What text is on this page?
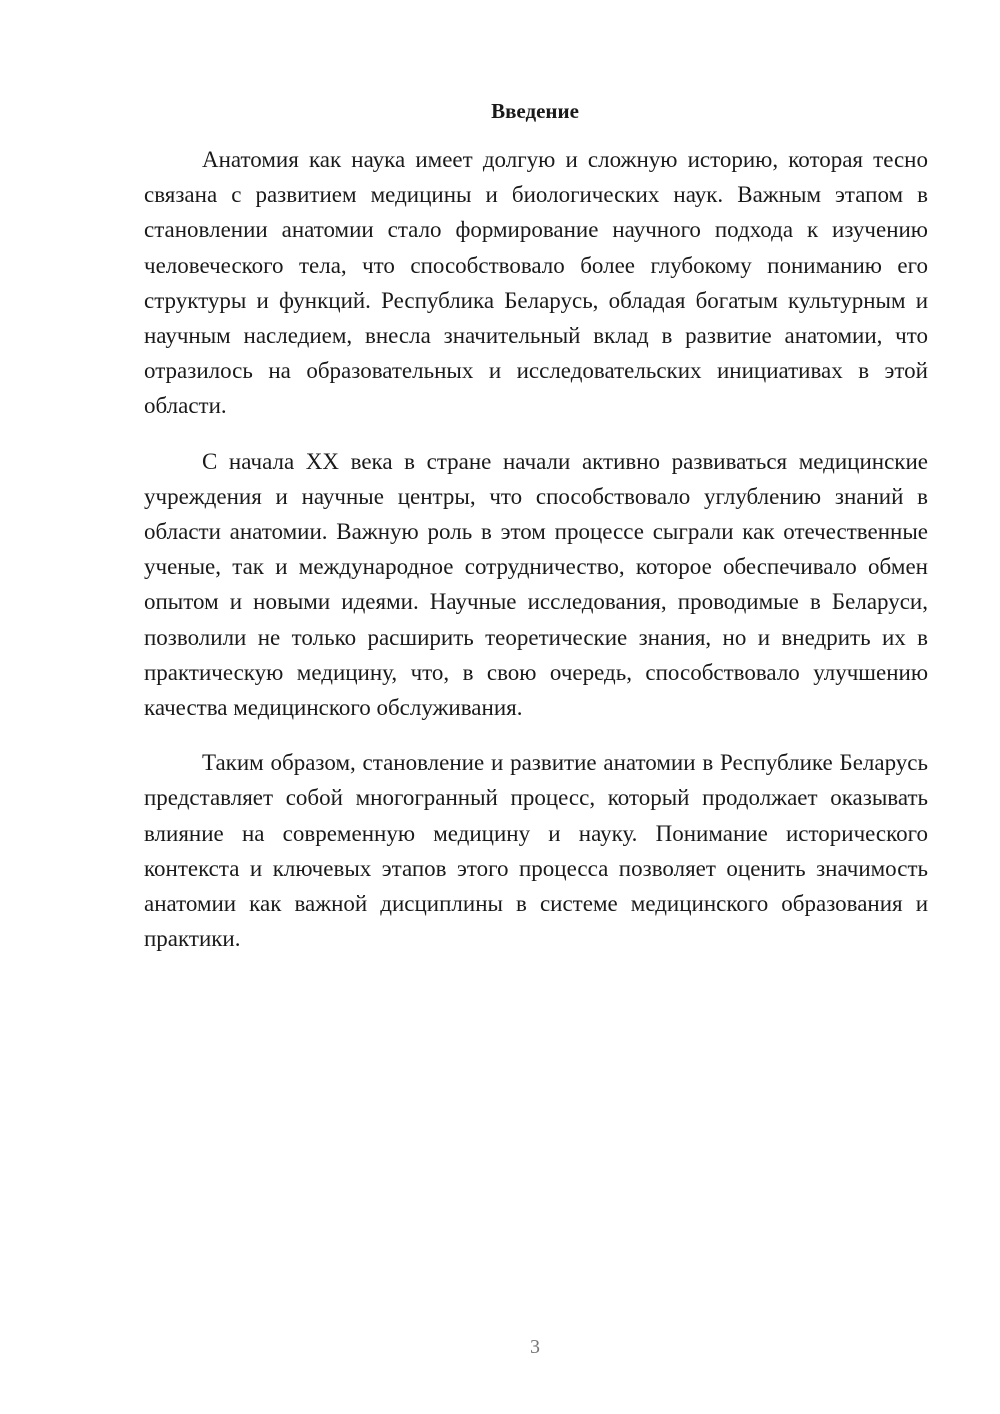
Введение

Анатомия как наука имеет долгую и сложную историю, которая тесно связана с развитием медицины и биологических наук. Важным этапом в становлении анатомии стало формирование научного подхода к изучению человеческого тела, что способствовало более глубокому пониманию его структуры и функций. Республика Беларусь, обладая богатым культурным и научным наследием, внесла значительный вклад в развитие анатомии, что отразилось на образовательных и исследовательских инициативах в этой области.

С начала XX века в стране начали активно развиваться медицинские учреждения и научные центры, что способствовало углублению знаний в области анатомии. Важную роль в этом процессе сыграли как отечественные ученые, так и международное сотрудничество, которое обеспечивало обмен опытом и новыми идеями. Научные исследования, проводимые в Беларуси, позволили не только расширить теоретические знания, но и внедрить их в практическую медицину, что, в свою очередь, способствовало улучшению качества медицинского обслуживания.

Таким образом, становление и развитие анатомии в Республике Беларусь представляет собой многогранный процесс, который продолжает оказывать влияние на современную медицину и науку. Понимание исторического контекста и ключевых этапов этого процесса позволяет оценить значимость анатомии как важной дисциплины в системе медицинского образования и практики.

3
